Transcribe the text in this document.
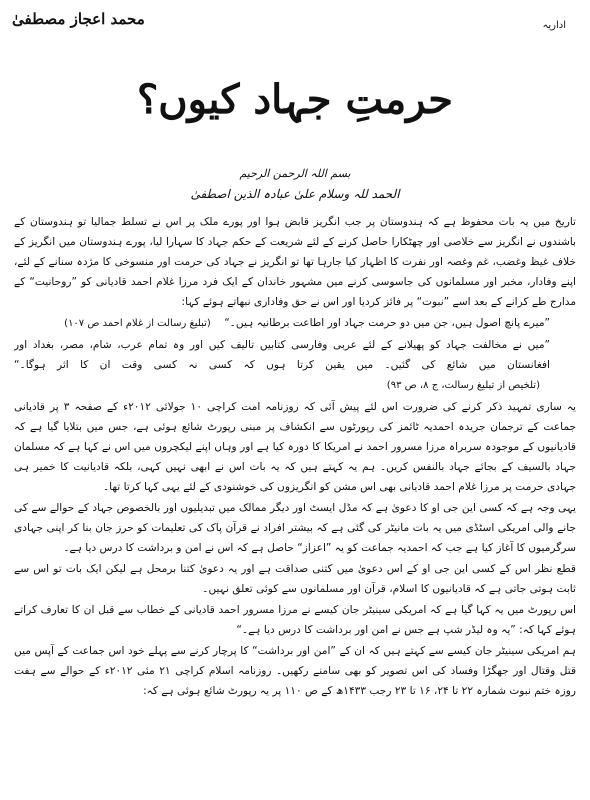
محمد اعجاز مصطفیٰ	اداریہ
حرمتِ جہاد کیوں؟
بسم اللہ الرحمن الرحیم
الحمد للہ وسلام علیٰ عبادہ الذین اصطفیٰ

تاریخ میں یہ بات محفوظ ہے کہ ہندوستان پر جب انگریز قابض ہوا اور پورے ملک پر اس نے تسلط جمالیا تو ہندوستان کے باشندوں نے انگریز سے خلاصی اور چھٹکارا حاصل کرنے کے لئے شریعت کے حکم جہاد کا سہارا لیا، پورے ہندوستان میں انگریز کے خلاف غیظ وغضب، غم وغصہ اور نفرت کا اظہار کیا جارہا تھا تو انگریز نے جہاد کی حرمت اور منسوخی کا مژدہ سنانے کے لئے، اپنے وفادار، مخبر اور مسلمانوں کی جاسوسی کرنے میں مشہور خاندان کے ایک فرد مرزا غلام احمد قادیانی کو ”روحانیت“ کے مدارج طے کرانے کے بعد اسے ”نبوت“ پر فائز کردیا اور اس نے حق وفاداری نبھاتے ہوئے کہا:

”میرے پانچ اصول ہیں، جن میں دو حرمت جہاد اور اطاعت برطانیہ ہیں۔“ (تبلیغ رسالت از غلام احمد ص ۱۰۷)

”میں نے مخالفت جہاد کو پھیلانے کے لئے عربی وفارسی کتابیں تالیف کیں اور وہ تمام عرب، شام، مصر، بغداد اور افغانستان میں شائع کی گئیں۔ میں یقین کرتا ہوں کہ کسی نہ کسی وقت ان کا اثر ہوگا۔“ (تلخیص از تبلیغ رسالت، ج ۸، ص ۹۳)

یہ ساری تمہید ذکر کرنے کی ضرورت اس لئے پیش آئی کہ روزنامہ امت کراچی ۱۰ جولائی ۲۰۱۲ء کے صفحہ ۳ پر قادیانی جماعت کے ترجمان جریدہ احمدیہ ٹائمز کی رپورٹوں سے انکشاف پر مبنی رپورٹ شائع ہوئی ہے، جس میں بتلایا گیا ہے کہ قادیانیوں کے موجودہ سربراہ مرزا مسرور احمد نے امریکا کا دورہ کیا ہے اور وہاں اپنے لیکچروں میں اس نے کہا ہے کہ مسلمان جہاد بالسیف کے بجائے جہاد بالنفس کریں۔ ہم یہ کہتے ہیں کہ یہ بات اس نے ابھی نہیں کہی، بلکہ قادیانیت کا خمیر ہی جہادی حرمت پر مرزا غلام احمد قادیانی بھی اس مشن کو انگریزوں کی خوشنودی کے لئے یہی کہا کرتا تھا۔

یہی وجہ ہے کہ کسی این جی او کا دعویٰ ہے کہ مڈل ایسٹ اور دیگر ممالک میں تبدیلیوں اور بالخصوص جہاد کے حوالے سے کی جانے والی امریکی اسٹڈی میں یہ بات مانیٹر کی گئی ہے کہ بیشتر افراد نے قرآن پاک کی تعلیمات کو حرز جان بنا کر اپنی جہادی سرگرمیوں کا آغاز کیا ہے جب کہ احمدیہ جماعت کو یہ ”اعزاز“ حاصل ہے کہ اس نے امن و برداشت کا درس دیا ہے۔

قطع نظر اس کے کسی این جی او کے اس دعویٰ میں کتنی صداقت ہے اور یہ دعویٰ کتنا برمحل ہے لیکن ایک بات تو اس سے ثابت ہوتی جاتی ہے کہ قادیانیوں کا اسلام، قرآن اور مسلمانوں سے کوئی تعلق نہیں۔

اس رپورٹ میں یہ کہا گیا ہے کہ امریکی سینیٹر جان کیسے نے مرزا مسرور احمد قادیانی کے خطاب سے قبل ان کا تعارف کراتے ہوئے کہا کہ: ”یہ وہ لیڈر شپ ہے جس نے امن اور برداشت کا درس دیا ہے۔“

ہم امریکی سینیٹر جان کیسے سے کہتے ہیں کہ ان کے ”امن اور برداشت“ کا پرچار کرنے سے پہلے خود اس جماعت کے آپس میں قتل وقتال اور جھگڑا وفساد کی اس تصویر کو بھی سامنے رکھیں۔ روزنامہ اسلام کراچی ۲۱ مئی ۲۰۱۲ء کے حوالے سے ہفت روزہ ختم نبوت شمارہ ۲۲ تا ۲۴، ۱۶ تا ۲۳ رجب ۱۴۳۳ھ کے ص ۱۱۰ پر یہ رپورٹ شائع ہوئی ہے کہ:
